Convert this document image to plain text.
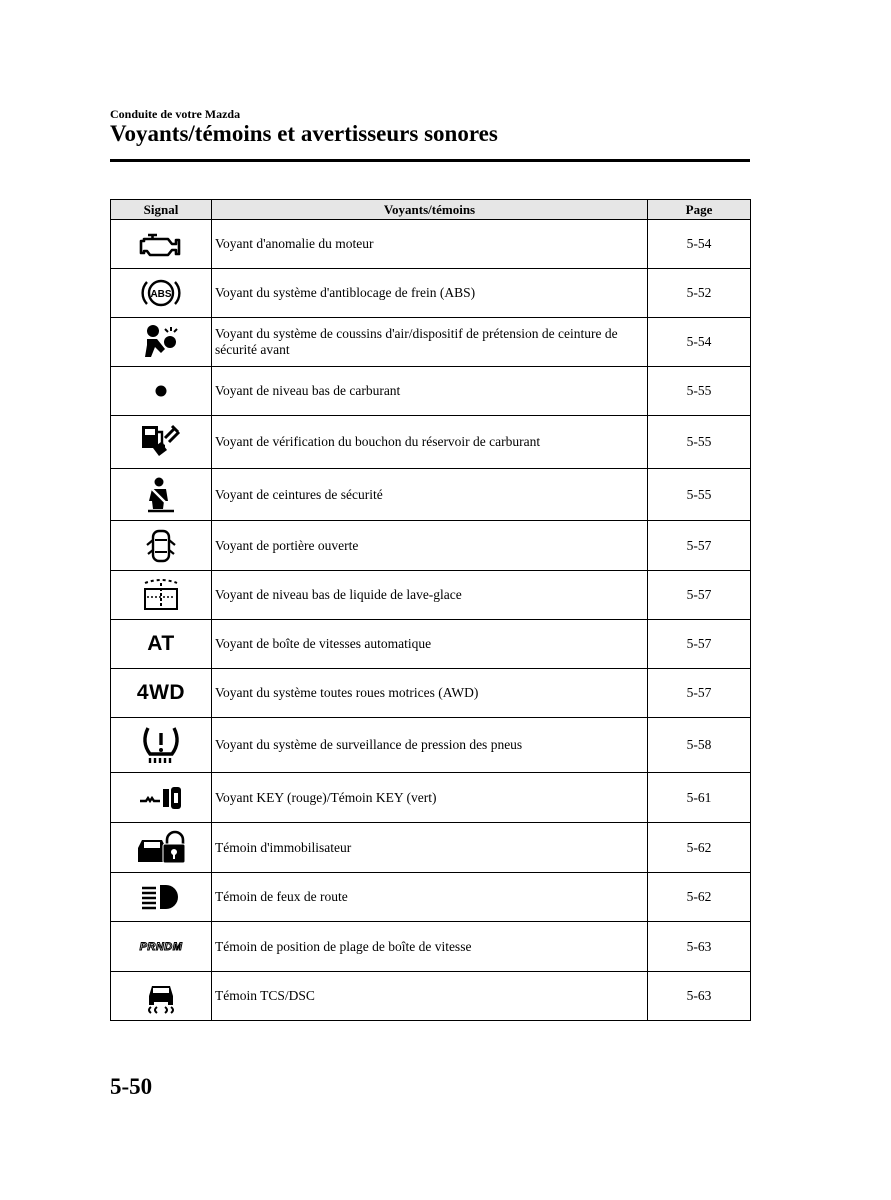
Conduite de votre Mazda
Voyants/témoins et avertisseurs sonores
Signal	Voyants/témoins	Page

	Voyant d'anomalie du moteur	5-54

ABS	Voyant du système d'antiblocage de frein (ABS)	5-52

	Voyant du système de coussins d'air/dispositif de prétension de ceinture de sécurité avant	5-54

	Voyant de niveau bas de carburant	5-55

	Voyant de vérification du bouchon du réservoir de carburant	5-55

	Voyant de ceintures de sécurité	5-55

	Voyant de portière ouverte	5-57

	Voyant de niveau bas de liquide de lave-glace	5-57
AT	Voyant de boîte de vitesses automatique	5-57
4WD	Voyant du système toutes roues motrices (AWD)	5-57

	Voyant du système de surveillance de pression des pneus	5-58

	Voyant KEY (rouge)/Témoin KEY (vert)	5-61

	Témoin d'immobilisateur	5-62

	Témoin de feux de route	5-62
PRNDM	Témoin de position de plage de boîte de vitesse	5-63

	Témoin TCS/DSC	5-63
5-50
